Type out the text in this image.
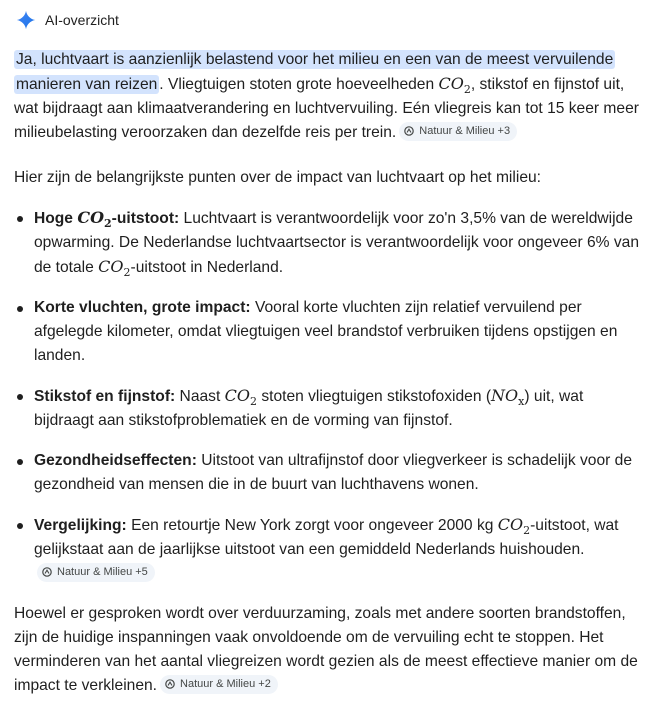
AI-overzicht

Ja, luchtvaart is aanzienlijk belastend voor het milieu en een van de meest vervuilende manieren van reizen . Vliegtuigen stoten grote hoeveelheden $CO_2$, stikstof en fijnstof uit, wat bijdraagt aan klimaatverandering en luchtvervuiling. Eén vliegreis kan tot 15 keer meer milieubelasting veroorzaken dan dezelfde reis per trein. Natuur & Milieu +3

Hier zijn de belangrijkste punten over de impact van luchtvaart op het milieu:

Hoge $CO_2$-uitstoot: Luchtvaart is verantwoordelijk voor zo'n 3,5% van de wereldwijde opwarming. De Nederlandse luchtvaartsector is verantwoordelijk voor ongeveer 6% van de totale $CO_2$-uitstoot in Nederland.
Korte vluchten, grote impact: Vooral korte vluchten zijn relatief vervuilend per afgelegde kilometer, omdat vliegtuigen veel brandstof verbruiken tijdens opstijgen en landen.
Stikstof en fijnstof: Naast $CO_2$ stoten vliegtuigen stikstofoxiden $(NO_x)$ uit, wat bijdraagt aan stikstofproblematiek en de vorming van fijnstof.
Gezondheidseffecten: Uitstoot van ultrafijnstof door vliegverkeer is schadelijk voor de gezondheid van mensen die in de buurt van luchthavens wonen.
Vergelijking: Een retourtje New York zorgt voor ongeveer 2000 kg $CO_2$-uitstoot, wat gelijkstaat aan de jaarlijkse uitstoot van een gemiddeld Nederlands huishouden.
Natuur & Milieu +5

Hoewel er gesproken wordt over verduurzaming, zoals met andere soorten brandstoffen, zijn de huidige inspanningen vaak onvoldoende om de vervuiling echt te stoppen. Het verminderen van het aantal vliegreizen wordt gezien als de meest effectieve manier om de impact te verkleinen. Natuur & Milieu +2
